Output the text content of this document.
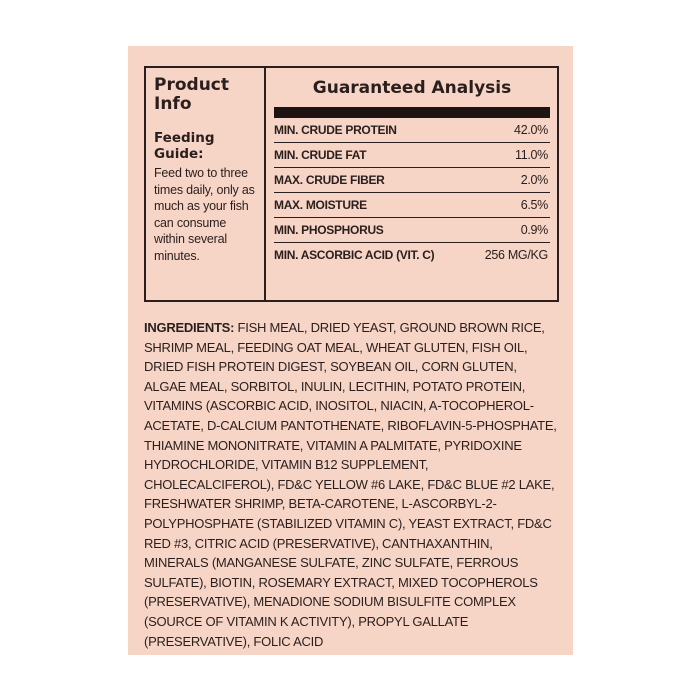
Product Info
Feeding Guide:

Feed two to three times daily, only as much as your fish can consume within several minutes.

Guaranteed Analysis
MIN. CRUDE PROTEIN	42.0%
MIN. CRUDE FAT	11.0%
MAX. CRUDE FIBER	2.0%
MAX. MOISTURE	6.5%
MIN. PHOSPHORUS	0.9%
MIN. ASCORBIC ACID (VIT. C)	256 MG/KG

INGREDIENTS: FISH MEAL, DRIED YEAST, GROUND BROWN RICE, SHRIMP MEAL, FEEDING OAT MEAL, WHEAT GLUTEN, FISH OIL, DRIED FISH PROTEIN DIGEST, SOYBEAN OIL, CORN GLUTEN, ALGAE MEAL, SORBITOL, INULIN, LECITHIN, POTATO PROTEIN, VITAMINS (ASCORBIC ACID, INOSITOL, NIACIN, A-TOCOPHEROL-ACETATE, D-CALCIUM PANTOTHENATE, RIBOFLAVIN-5-PHOSPHATE, THIAMINE MONONITRATE, VITAMIN A PALMITATE, PYRIDOXINE HYDROCHLORIDE, VITAMIN B12 SUPPLEMENT, CHOLECALCIFEROL), FD&C YELLOW #6 LAKE, FD&C BLUE #2 LAKE, FRESHWATER SHRIMP, BETA-CAROTENE, L-ASCORBYL-2-POLYPHOSPHATE (STABILIZED VITAMIN C), YEAST EXTRACT, FD&C RED #3, CITRIC ACID (PRESERVATIVE), CANTHAXANTHIN, MINERALS (MANGANESE SULFATE, ZINC SULFATE, FERROUS SULFATE), BIOTIN, ROSEMARY EXTRACT, MIXED TOCOPHEROLS (PRESERVATIVE), MENADIONE SODIUM BISULFITE COMPLEX (SOURCE OF VITAMIN K ACTIVITY), PROPYL GALLATE (PRESERVATIVE), FOLIC ACID
